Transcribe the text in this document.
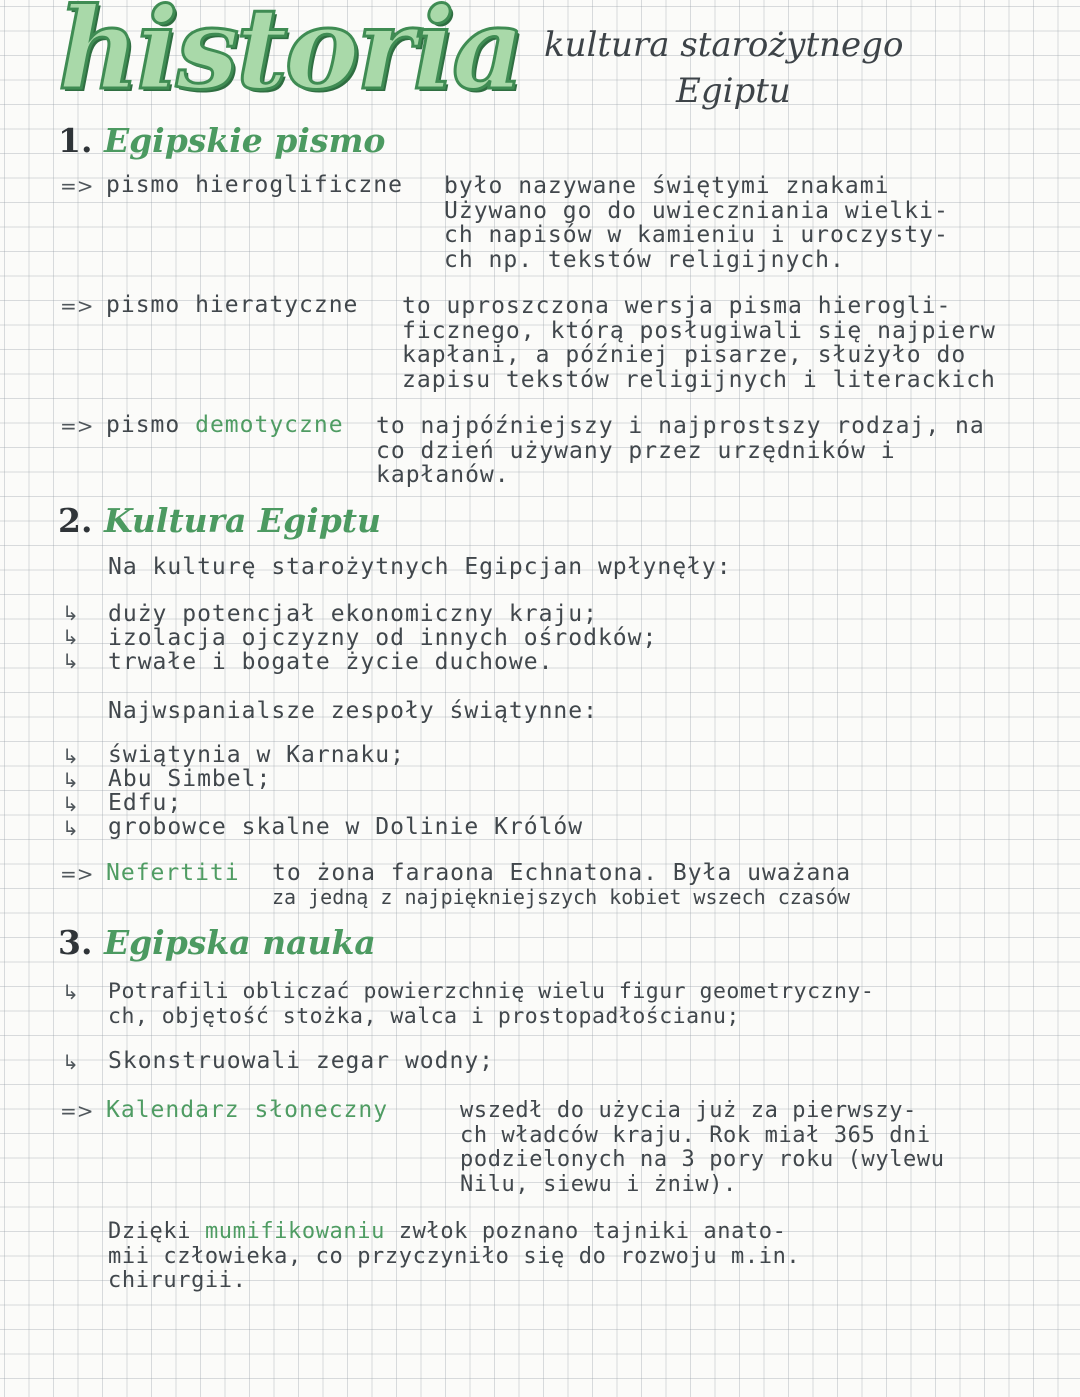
historia kultura starożytnego
Egiptu
1. Egipskie pismo
=> pismo hieroglificzne było nazywane świętymi znakami
Używano go do uwieczniania wielki-
ch napisów w kamieniu i uroczysty-
ch np. tekstów religijnych.
=> pismo hieratyczne to uproszczona wersja pisma hierogli-
ficznego, którą posługiwali się najpierw
kapłani, a później pisarze, służyło do
zapisu tekstów religijnych i literackich
=> pismo demotyczne to najpóźniejszy i najprostszy rodzaj, na
co dzień używany przez urzędników i
kapłanów.
2. Kultura Egiptu
Na kulturę starożytnych Egipcjan wpłynęły:
↳ duży potencjał ekonomiczny kraju;
↳ izolacja ojczyzny od innych ośrodków;
↳ trwałe i bogate życie duchowe.
Najwspanialsze zespoły świątynne:
↳ świątynia w Karnaku;
↳ Abu Simbel;
↳ Edfu;
↳ grobowce skalne w Dolinie Królów
=> Nefertiti to żona faraona Echnatona. Była uważana
za jedną z najpiękniejszych kobiet wszech czasów
3. Egipska nauka
↳ Potrafili obliczać powierzchnię wielu figur geometryczny-
ch, objętość stożka, walca i prostopadłościanu;
↳ Skonstruowali zegar wodny;
=> Kalendarz słoneczny	wszedł do użycia już za pierwszy-
ch władców kraju. Rok miał 365 dni
podzielonych na 3 pory roku (wylewu
Nilu, siewu i żniw).
Dzięki mumifikowaniu zwłok poznano tajniki anato-
mii człowieka, co przyczyniło się do rozwoju m.in.
chirurgii.
